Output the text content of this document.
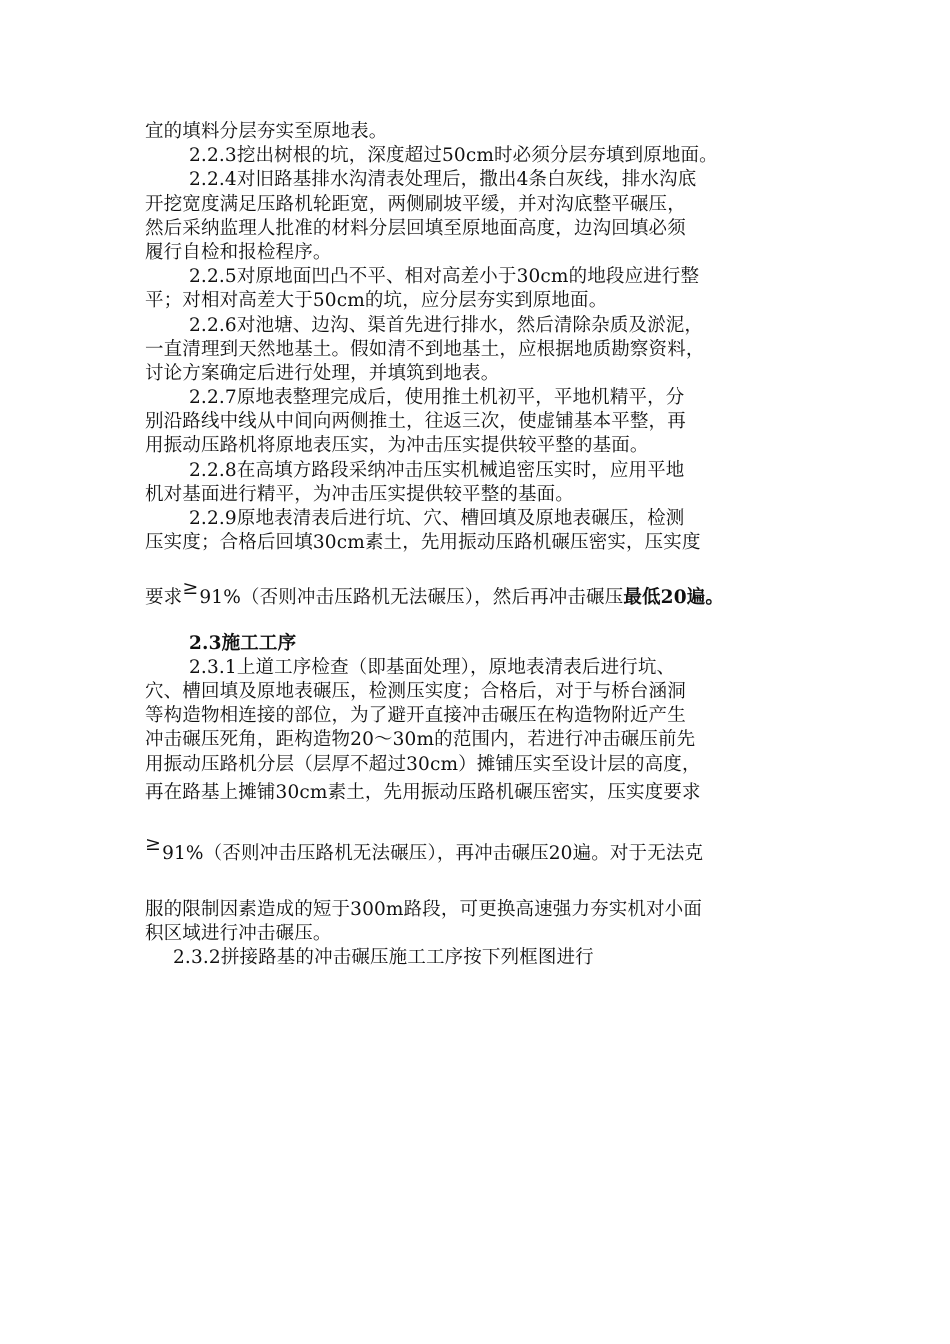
宜的填料分层夯实至原地表。
2.2.3挖出树根的坑，深度超过50cm时必须分层夯填到原地面。
2.2.4对旧路基排水沟清表处理后，撒出4条白灰线，排水沟底
开挖宽度满足压路机轮距宽，两侧刷坡平缓，并对沟底整平碾压，
然后采纳监理人批准的材料分层回填至原地面高度，边沟回填必须
履行自检和报检程序。
2.2.5对原地面凹凸不平、相对高差小于30cm的地段应进行整
平；对相对高差大于50cm的坑，应分层夯实到原地面。
2.2.6对池塘、边沟、渠首先进行排水，然后清除杂质及淤泥，
一直清理到天然地基土。假如清不到地基土，应根据地质勘察资料，
讨论方案确定后进行处理，并填筑到地表。
2.2.7原地表整理完成后，使用推土机初平，平地机精平，分
别沿路线中线从中间向两侧推土，往返三次，使虚铺基本平整，再
用振动压路机将原地表压实，为冲击压实提供较平整的基面。
2.2.8在高填方路段采纳冲击压实机械追密压实时，应用平地
机对基面进行精平，为冲击压实提供较平整的基面。
2.2.9原地表清表后进行坑、穴、槽回填及原地表碾压，检测
压实度；合格后回填30cm素土，先用振动压路机碾压密实，压实度
要求≥91%（否则冲击压路机无法碾压），然后再冲击碾压最低20遍。
2.3施工工序
2.3.1上道工序检查（即基面处理），原地表清表后进行坑、
穴、槽回填及原地表碾压，检测压实度；合格后，对于与桥台涵洞
等构造物相连接的部位，为了避开直接冲击碾压在构造物附近产生
冲击碾压死角，距构造物20～30m的范围内，若进行冲击碾压前先
用振动压路机分层（层厚不超过30cm）摊铺压实至设计层的高度，
再在路基上摊铺30cm素土，先用振动压路机碾压密实，压实度要求
≥91%（否则冲击压路机无法碾压），再冲击碾压20遍。对于无法克
服的限制因素造成的短于300m路段，可更换高速强力夯实机对小面
积区域进行冲击碾压。
2.3.2拼接路基的冲击碾压施工工序按下列框图进行
